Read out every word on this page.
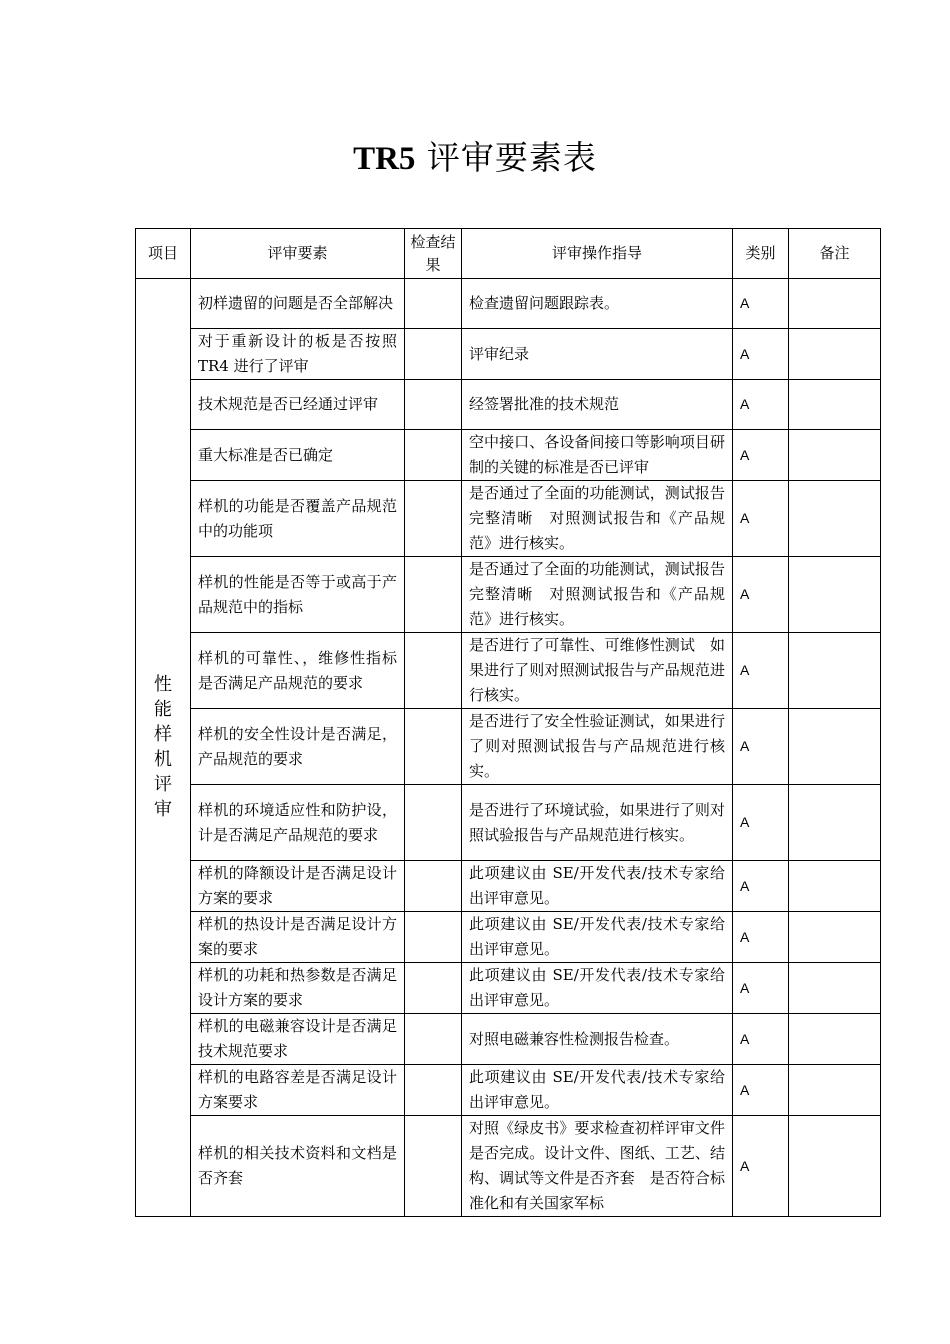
TR5 评审要素表
项目	评审要素	检查结果	评审操作指导	类别	备注
性能样机评审	初样遗留的问题是否全部解决		检查遗留问题跟踪表。	A	
	对于重新设计的板是否按照 TR4 进行了评审		评审纪录	A	
	技术规范是否已经通过评审		经签署批准的技术规范	A	
	重大标准是否已确定		空中接口、各设备间接口等影响项目研制的关键的标准是否已评审	A	
	样机的功能是否覆盖产品规范中的功能项		是否通过了全面的功能测试，测试报告完整清晰　对照测试报告和《产品规范》进行核实。	A	
	样机的性能是否等于或高于产品规范中的指标		是否通过了全面的功能测试，测试报告完整清晰　对照测试报告和《产品规范》进行核实。	A	
	样机的可靠性、，维修性指标是否满足产品规范的要求		是否进行了可靠性、可维修性测试　如果进行了则对照测试报告与产品规范进行核实。	A	
	样机的安全性设计是否满足，产品规范的要求		是否进行了安全性验证测试，如果进行了则对照测试报告与产品规范进行核实。	A	
	样机的环境适应性和防护设，计是否满足产品规范的要求		是否进行了环境试验，如果进行了则对照试验报告与产品规范进行核实。	A	
	样机的降额设计是否满足设计方案的要求		此项建议由 SE/开发代表/技术专家给出评审意见。	A	
	样机的热设计是否满足设计方案的要求		此项建议由 SE/开发代表/技术专家给出评审意见。	A	
	样机的功耗和热参数是否满足设计方案的要求		此项建议由 SE/开发代表/技术专家给出评审意见。	A	
	样机的电磁兼容设计是否满足技术规范要求		对照电磁兼容性检测报告检查。	A	
	样机的电路容差是否满足设计方案要求		此项建议由 SE/开发代表/技术专家给出评审意见。	A	
	样机的相关技术资料和文档是否齐套		对照《绿皮书》要求检查初样评审文件是否完成。设计文件、图纸、工艺、结构、调试等文件是否齐套　是否符合标准化和有关国家军标	A	
